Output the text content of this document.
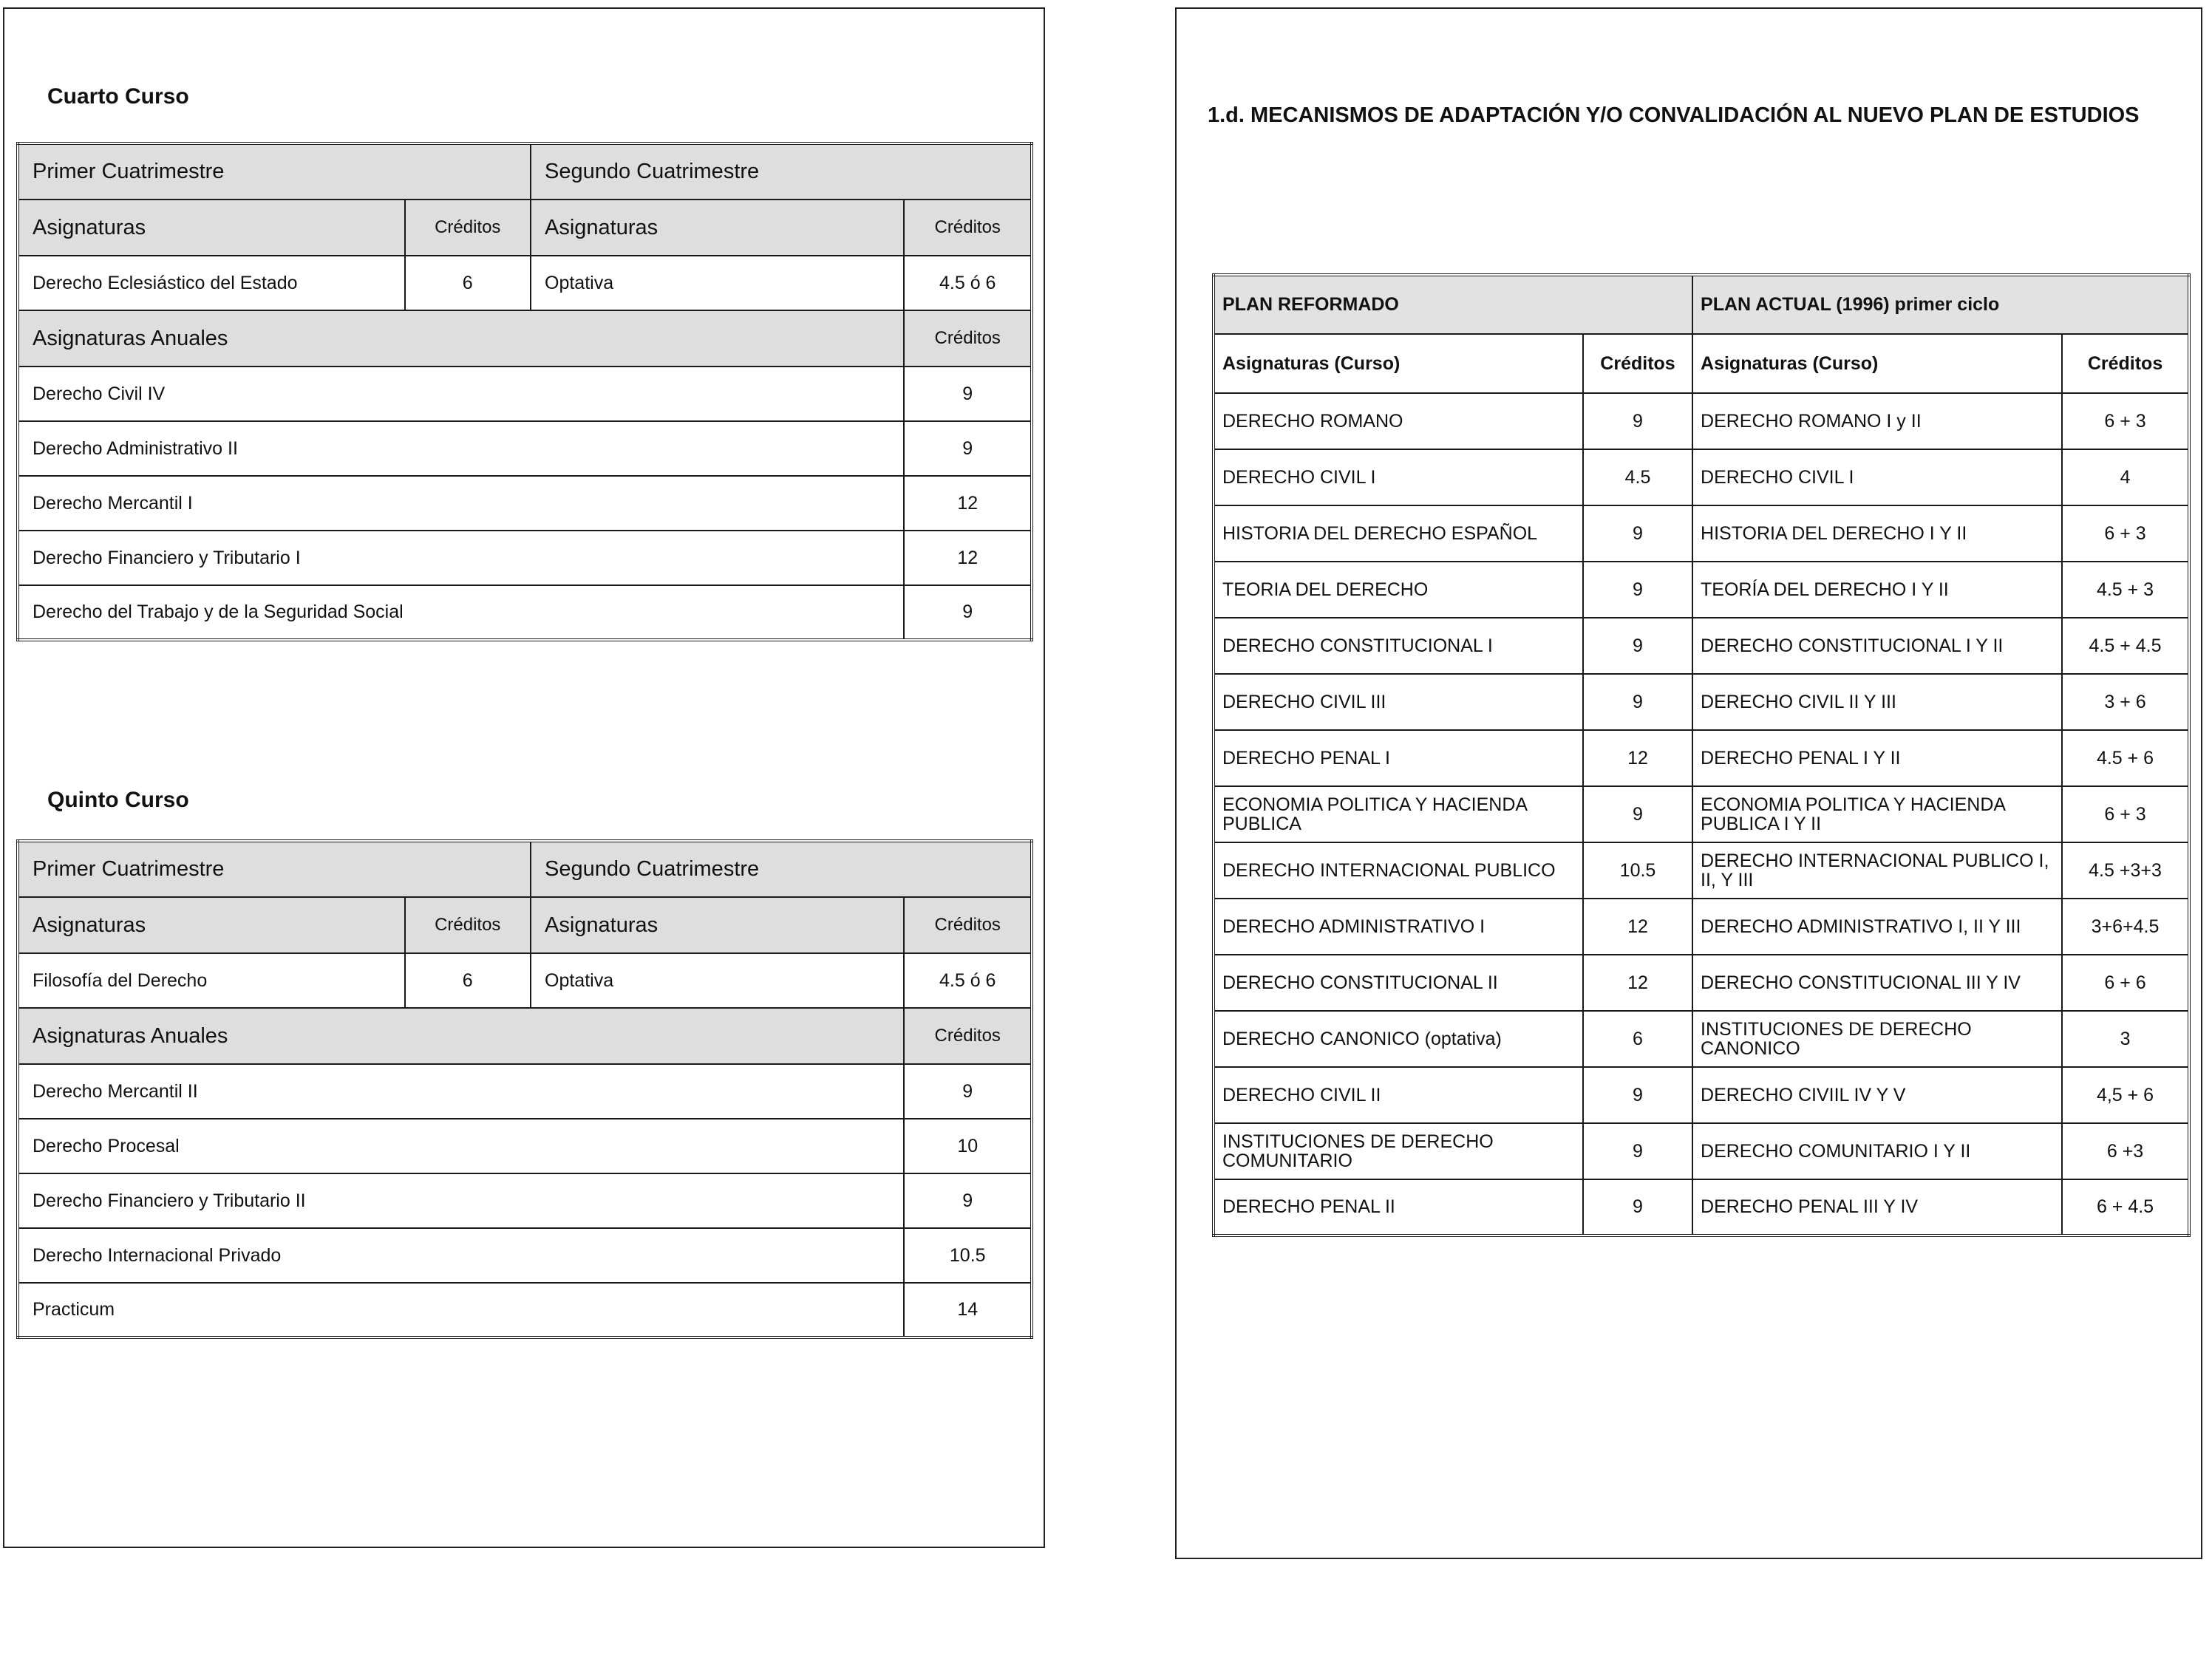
Cuarto Curso
Primer Cuatrimestre		Segundo Cuatrimestre	
Asignaturas	Créditos	Asignaturas	Créditos
Derecho Eclesiástico del Estado	6	Optativa	4.5 ó 6
Asignaturas Anuales			Créditos
Derecho Civil IV			9
Derecho Administrativo II			9
Derecho Mercantil I			12
Derecho Financiero y Tributario I			12
Derecho del Trabajo y de la Seguridad Social			9
Quinto Curso
Primer Cuatrimestre		Segundo Cuatrimestre	
Asignaturas	Créditos	Asignaturas	Créditos
Filosofía del Derecho	6	Optativa	4.5 ó 6
Asignaturas Anuales			Créditos
Derecho Mercantil II			9
Derecho Procesal			10
Derecho Financiero y Tributario II			9
Derecho Internacional Privado			10.5
Practicum			14
1.d. MECANISMOS DE ADAPTACIÓN Y/O CONVALIDACIÓN AL NUEVO PLAN DE ESTUDIOS
PLAN REFORMADO		PLAN ACTUAL (1996) primer ciclo	
Asignaturas (Curso)	Créditos	Asignaturas (Curso)	Créditos
DERECHO ROMANO	9	DERECHO ROMANO I y II	6 + 3
DERECHO CIVIL I	4.5	DERECHO CIVIL I	4
HISTORIA DEL DERECHO ESPAÑOL	9	HISTORIA DEL DERECHO I Y II	6 + 3
TEORIA DEL DERECHO	9	TEORÍA DEL DERECHO I Y II	4.5 + 3
DERECHO CONSTITUCIONAL I	9	DERECHO CONSTITUCIONAL I Y II	4.5 + 4.5
DERECHO CIVIL III	9	DERECHO CIVIL II Y III	3 + 6
DERECHO PENAL I	12	DERECHO PENAL I Y II	4.5 + 6
ECONOMIA POLITICA Y HACIENDA PUBLICA	9	ECONOMIA POLITICA Y HACIENDA PUBLICA I Y II	6 + 3
DERECHO INTERNACIONAL PUBLICO	10.5	DERECHO INTERNACIONAL PUBLICO I, II, Y III	4.5 +3+3
DERECHO ADMINISTRATIVO I	12	DERECHO ADMINISTRATIVO I, II Y III	3+6+4.5
DERECHO CONSTITUCIONAL II	12	DERECHO CONSTITUCIONAL III Y IV	6 + 6
DERECHO CANONICO (optativa)	6	INSTITUCIONES DE DERECHO CANONICO	3
DERECHO CIVIL II	9	DERECHO CIVIIL IV Y V	4,5 + 6
INSTITUCIONES DE DERECHO COMUNITARIO	9	DERECHO COMUNITARIO I Y II	6 +3
DERECHO PENAL II	9	DERECHO PENAL III Y IV	6 + 4.5
